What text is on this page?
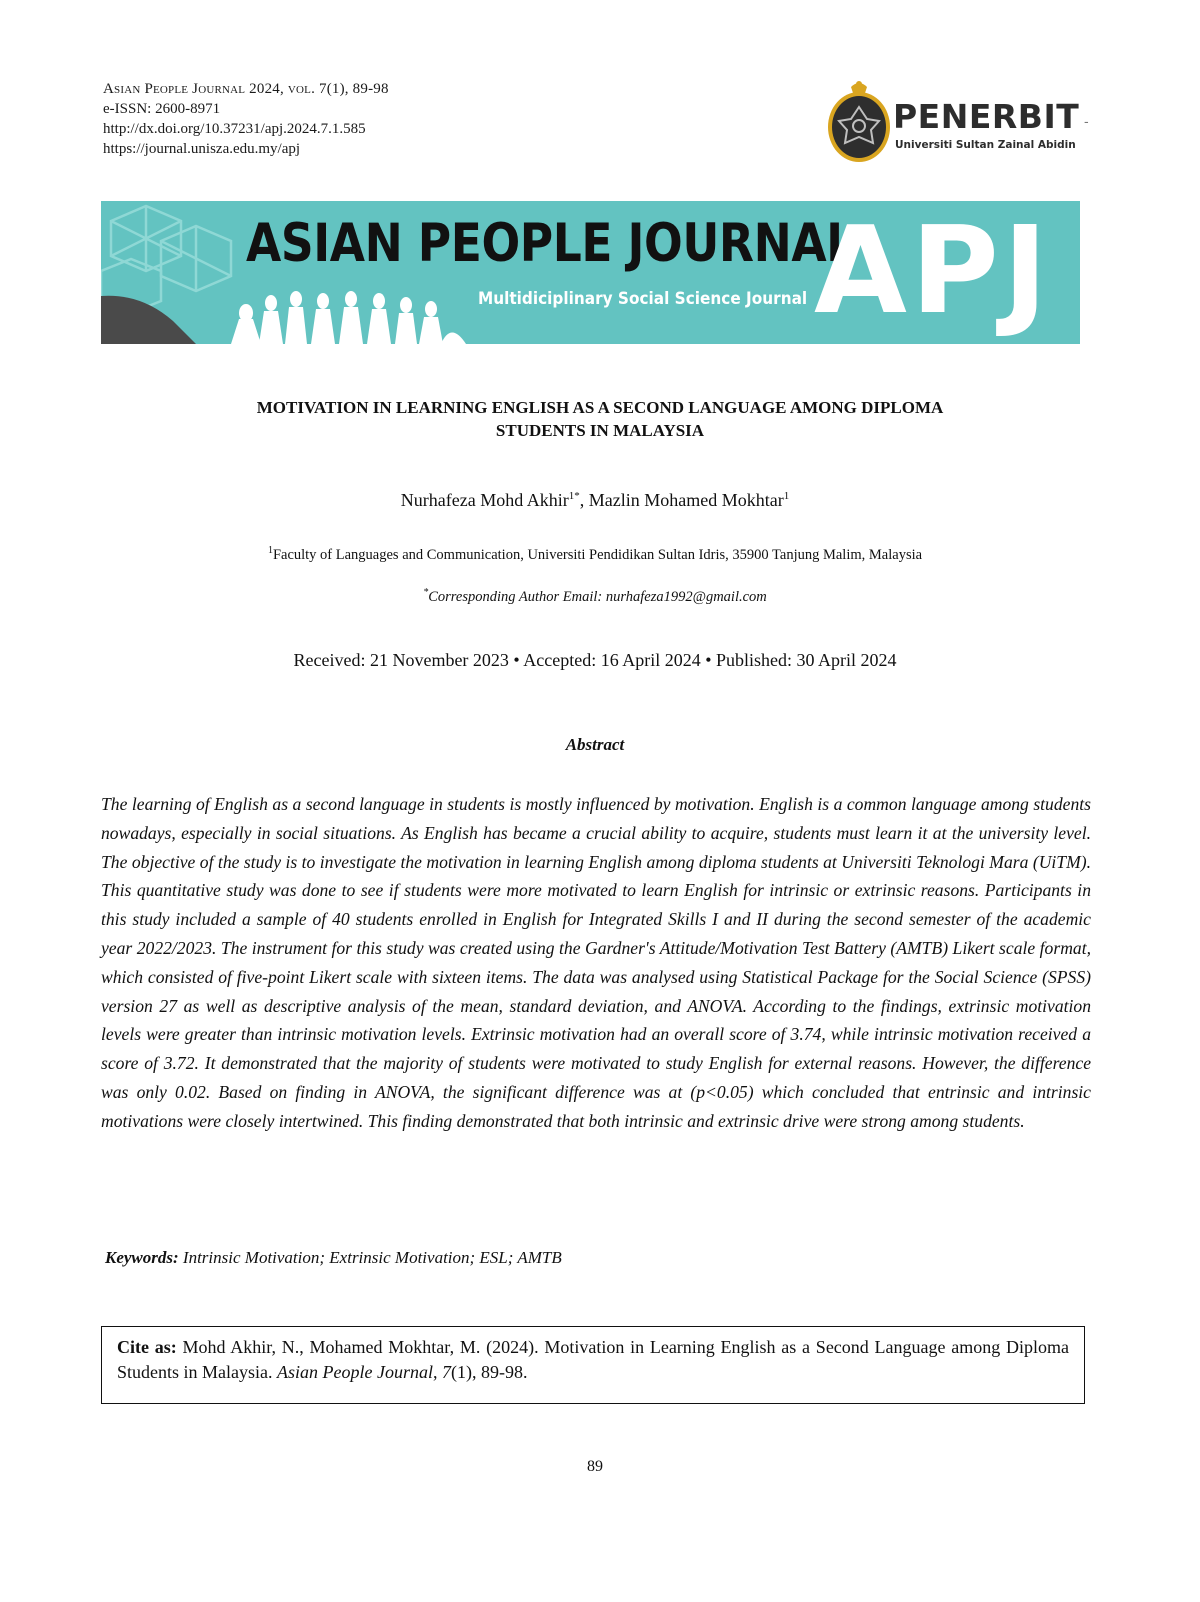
Asian People Journal 2024, vol. 7(1), 89-98
e-ISSN: 2600-8971
http://dx.doi.org/10.37231/apj.2024.7.1.585
https://journal.unisza.edu.my/apj
PENERBIT
Universiti Sultan Zainal Abidin
-
ASIAN PEOPLE JOURNAL
Multidiciplinary Social Science Journal APJ
MOTIVATION IN LEARNING ENGLISH AS A SECOND LANGUAGE AMONG DIPLOMA
STUDENTS IN MALAYSIA
Nurhafeza Mohd Akhir$^{1*}$, Mazlin Mohamed Mokhtar$^1$
$^1$Faculty of Languages and Communication, Universiti Pendidikan Sultan Idris, 35900 Tanjung Malim, Malaysia
*Corresponding Author Email: nurhafeza1992@gmail.com
Received: 21 November 2023 • Accepted: 16 April 2024 • Published: 30 April 2024
Abstract
The learning of English as a second language in students is mostly influenced by motivation. English is a common language among students nowadays, especially in social situations. As English has became a crucial ability to acquire, students must learn it at the university level. The objective of the study is to investigate the motivation in learning English among diploma students at Universiti Teknologi Mara (UiTM). This quantitative study was done to see if students were more motivated to learn English for intrinsic or extrinsic reasons. Participants in this study included a sample of 40 students enrolled in English for Integrated Skills I and II during the second semester of the academic year 2022/2023. The instrument for this study was created using the Gardner's Attitude/Motivation Test Battery (AMTB) Likert scale format, which consisted of five-point Likert scale with sixteen items. The data was analysed using Statistical Package for the Social Science (SPSS) version 27 as well as descriptive analysis of the mean, standard deviation, and ANOVA. According to the findings, extrinsic motivation levels were greater than intrinsic motivation levels. Extrinsic motivation had an overall score of 3.74, while intrinsic motivation received a score of 3.72. It demonstrated that the majority of students were motivated to study English for external reasons. However, the difference was only 0.02. Based on finding in ANOVA, the significant difference was at (p<0.05) which concluded that entrinsic and intrinsic motivations were closely intertwined. This finding demonstrated that both intrinsic and extrinsic drive were strong among students.
Keywords: Intrinsic Motivation; Extrinsic Motivation; ESL; AMTB
Cite as: Mohd Akhir, N., Mohamed Mokhtar, M. (2024). Motivation in Learning English as a Second Language among Diploma Students in Malaysia. Asian People Journal, 7(1), 89-98.
89
